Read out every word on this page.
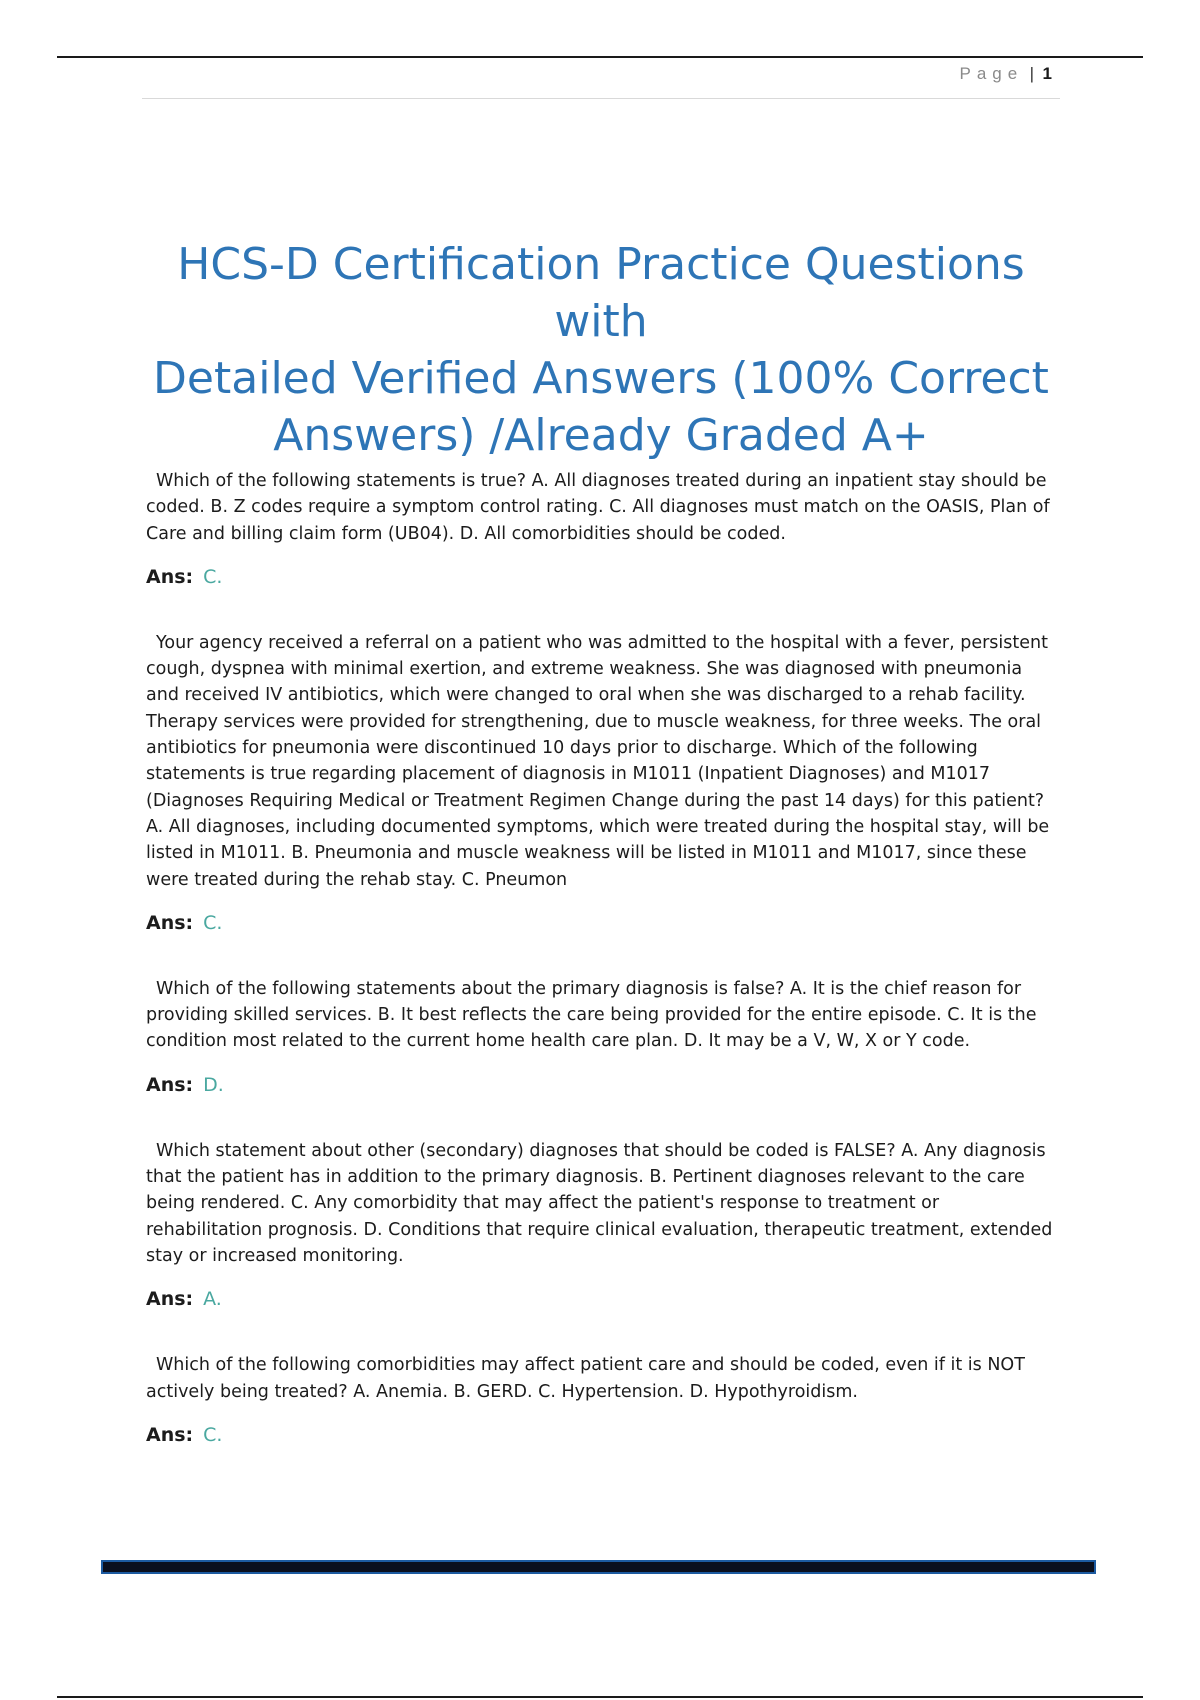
Page | 1
HCS-D Certification Practice Questions with
Detailed Verified Answers (100% Correct
Answers) /Already Graded A+

Which of the following statements is true? A. All diagnoses treated during an inpatient stay should be coded. B. Z codes require a symptom control rating. C. All diagnoses must match on the OASIS, Plan of Care and billing claim form (UB04). D. All comorbidities should be coded.

Ans: C.

Your agency received a referral on a patient who was admitted to the hospital with a fever, persistent cough, dyspnea with minimal exertion, and extreme weakness. She was diagnosed with pneumonia and received IV antibiotics, which were changed to oral when she was discharged to a rehab facility. Therapy services were provided for strengthening, due to muscle weakness, for three weeks. The oral antibiotics for pneumonia were discontinued 10 days prior to discharge. Which of the following statements is true regarding placement of diagnosis in M1011 (Inpatient Diagnoses) and M1017 (Diagnoses Requiring Medical or Treatment Regimen Change during the past 14 days) for this patient? A. All diagnoses, including documented symptoms, which were treated during the hospital stay, will be listed in M1011. B. Pneumonia and muscle weakness will be listed in M1011 and M1017, since these were treated during the rehab stay. C. Pneumon

Ans: C.

Which of the following statements about the primary diagnosis is false? A. It is the chief reason for providing skilled services. B. It best reflects the care being provided for the entire episode. C. It is the condition most related to the current home health care plan. D. It may be a V, W, X or Y code.

Ans: D.

Which statement about other (secondary) diagnoses that should be coded is FALSE? A. Any diagnosis that the patient has in addition to the primary diagnosis. B. Pertinent diagnoses relevant to the care being rendered. C. Any comorbidity that may affect the patient's response to treatment or rehabilitation prognosis. D. Conditions that require clinical evaluation, therapeutic treatment, extended stay or increased monitoring.

Ans: A.

Which of the following comorbidities may affect patient care and should be coded, even if it is NOT actively being treated? A. Anemia. B. GERD. C. Hypertension. D. Hypothyroidism.

Ans: C.
